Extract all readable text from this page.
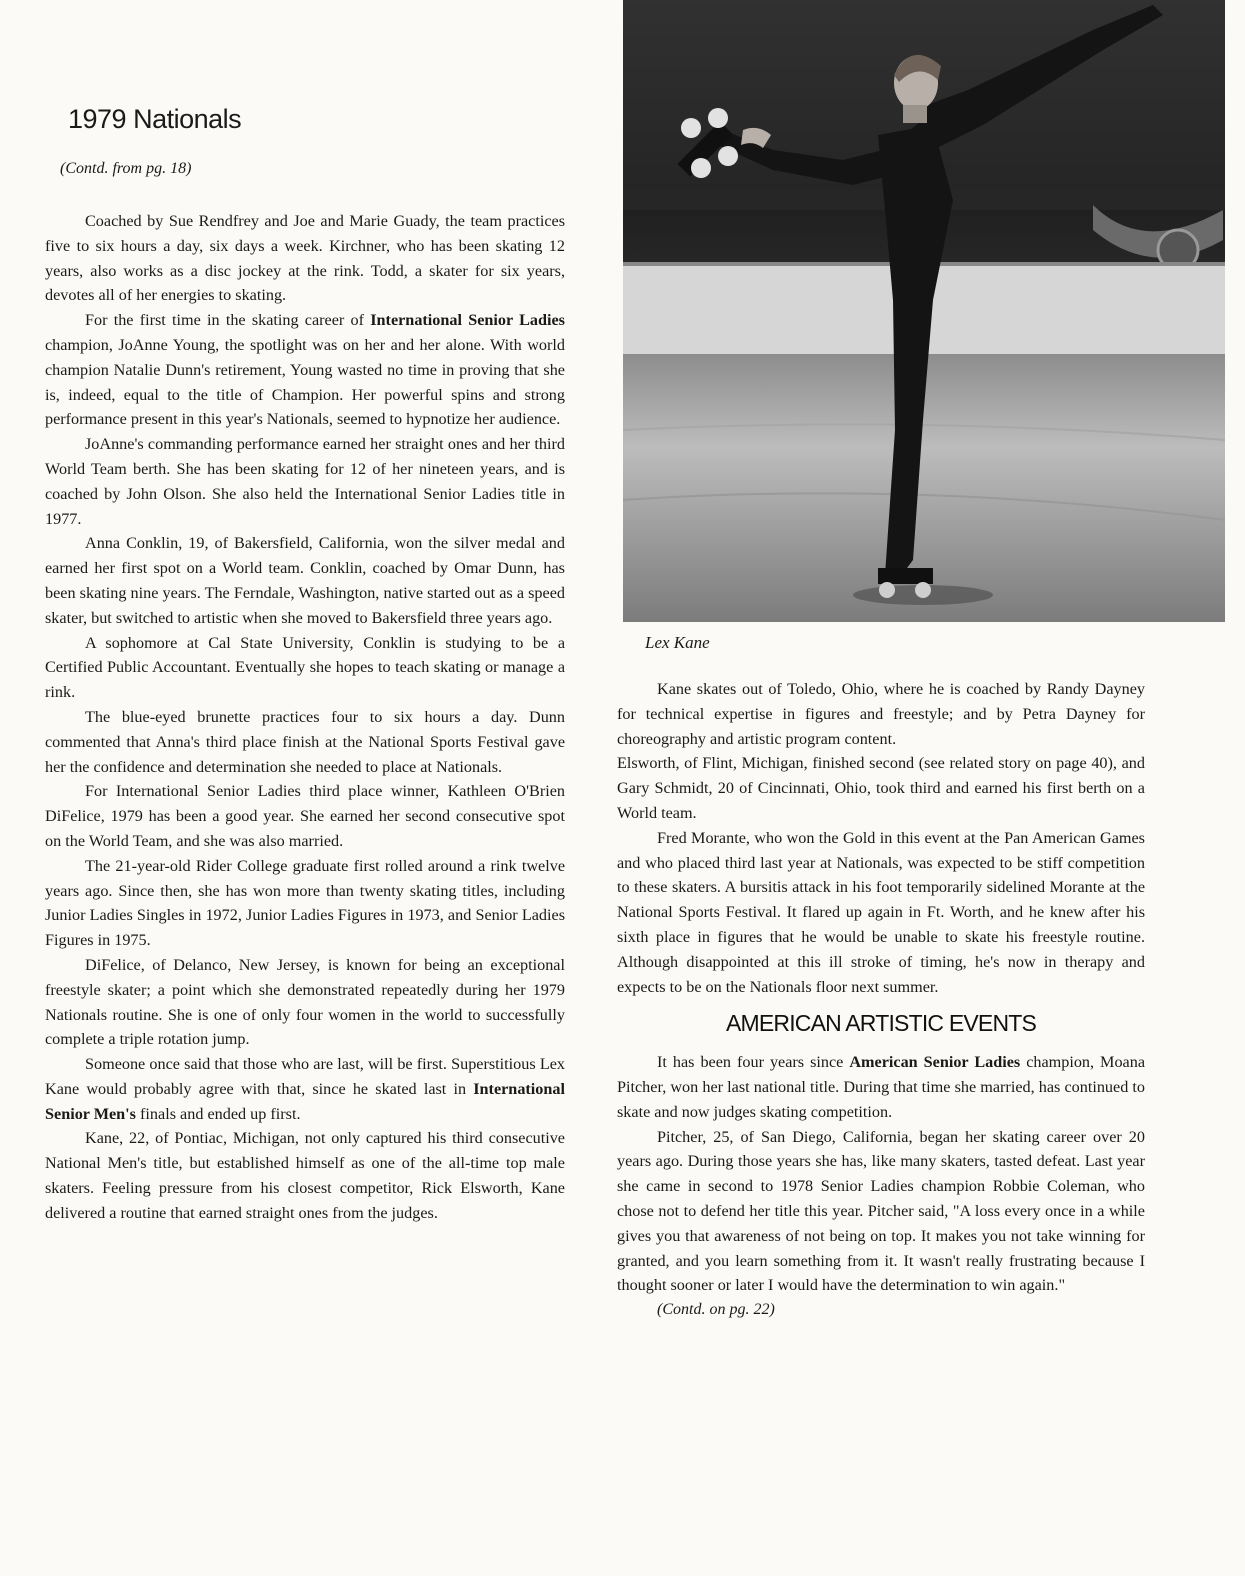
1979 Nationals

(Contd. from pg. 18)

Coached by Sue Rendfrey and Joe and Marie Guady, the team practices five to six hours a day, six days a week. Kirchner, who has been skating 12 years, also works as a disc jockey at the rink. Todd, a skater for six years, devotes all of her energies to skating.

For the first time in the skating career of International Senior Ladies champion, JoAnne Young, the spotlight was on her and her alone. With world champion Natalie Dunn's retirement, Young wasted no time in proving that she is, indeed, equal to the title of Champion. Her powerful spins and strong performance present in this year's Nationals, seemed to hypnotize her audience.

JoAnne's commanding performance earned her straight ones and her third World Team berth. She has been skating for 12 of her nineteen years, and is coached by John Olson. She also held the International Senior Ladies title in 1977.

Anna Conklin, 19, of Bakersfield, California, won the silver medal and earned her first spot on a World team. Conklin, coached by Omar Dunn, has been skating nine years. The Ferndale, Washington, native started out as a speed skater, but switched to artistic when she moved to Bakersfield three years ago.

A sophomore at Cal State University, Conklin is studying to be a Certified Public Accountant. Eventually she hopes to teach skating or manage a rink.

The blue-eyed brunette practices four to six hours a day. Dunn commented that Anna's third place finish at the National Sports Festival gave her the confidence and determination she needed to place at Nationals.

For International Senior Ladies third place winner, Kathleen O'Brien DiFelice, 1979 has been a good year. She earned her second consecutive spot on the World Team, and she was also married.

The 21-year-old Rider College graduate first rolled around a rink twelve years ago. Since then, she has won more than twenty skating titles, including Junior Ladies Singles in 1972, Junior Ladies Figures in 1973, and Senior Ladies Figures in 1975.

DiFelice, of Delanco, New Jersey, is known for being an exceptional freestyle skater; a point which she demonstrated repeatedly during her 1979 Nationals routine. She is one of only four women in the world to successfully complete a triple rotation jump.

Someone once said that those who are last, will be first. Superstitious Lex Kane would probably agree with that, since he skated last in International Senior Men's finals and ended up first.

Kane, 22, of Pontiac, Michigan, not only captured his third consecutive National Men's title, but established himself as one of the all-time top male skaters. Feeling pressure from his closest competitor, Rick Elsworth, Kane delivered a routine that earned straight ones from the judges.

Lex Kane

Kane skates out of Toledo, Ohio, where he is coached by Randy Dayney for technical expertise in figures and freestyle; and by Petra Dayney for choreography and artistic program content.

Elsworth, of Flint, Michigan, finished second (see related story on page 40), and Gary Schmidt, 20 of Cincinnati, Ohio, took third and earned his first berth on a World team.

Fred Morante, who won the Gold in this event at the Pan American Games and who placed third last year at Nationals, was expected to be stiff competition to these skaters. A bursitis attack in his foot temporarily sidelined Morante at the National Sports Festival. It flared up again in Ft. Worth, and he knew after his sixth place in figures that he would be unable to skate his freestyle routine. Although disappointed at this ill stroke of timing, he's now in therapy and expects to be on the Nationals floor next summer.

AMERICAN ARTISTIC EVENTS

It has been four years since American Senior Ladies champion, Moana Pitcher, won her last national title. During that time she married, has continued to skate and now judges skating competition.

Pitcher, 25, of San Diego, California, began her skating career over 20 years ago. During those years she has, like many skaters, tasted defeat. Last year she came in second to 1978 Senior Ladies champion Robbie Coleman, who chose not to defend her title this year. Pitcher said, "A loss every once in a while gives you that awareness of not being on top. It makes you not take winning for granted, and you learn something from it. It wasn't really frustrating because I thought sooner or later I would have the determination to win again."

(Contd. on pg. 22)
